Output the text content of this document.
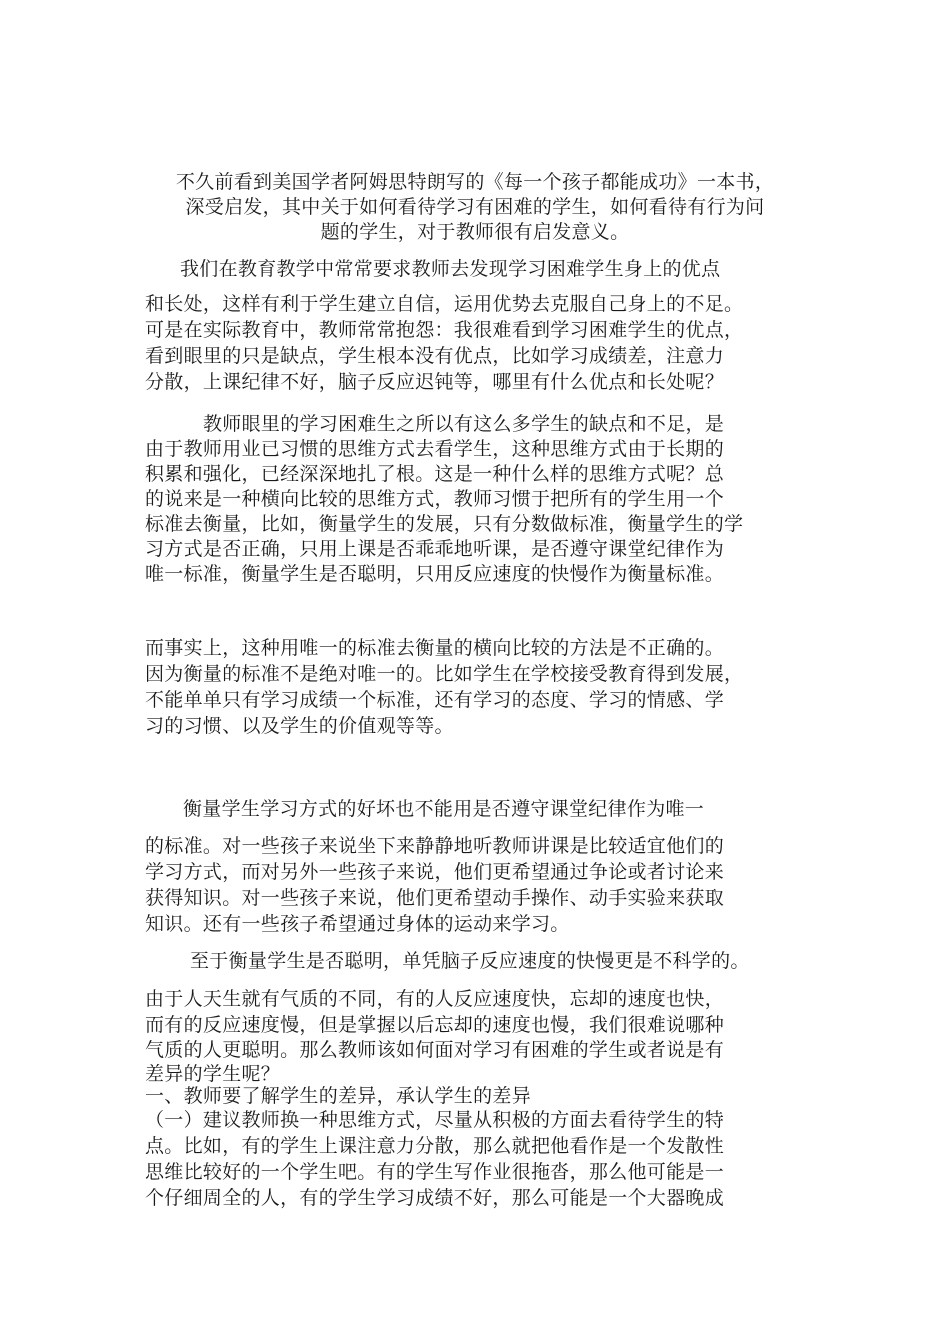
不久前看到美国学者阿姆思特朗写的《每一个孩子都能成功》一本书，
深受启发，其中关于如何看待学习有困难的学生，如何看待有行为问
题的学生，对于教师很有启发意义。
我们在教育教学中常常要求教师去发现学习困难学生身上的优点
和长处，这样有利于学生建立自信，运用优势去克服自己身上的不足。
可是在实际教育中，教师常常抱怨：我很难看到学习困难学生的优点，
看到眼里的只是缺点，学生根本没有优点，比如学习成绩差，注意力
分散，上课纪律不好，脑子反应迟钝等，哪里有什么优点和长处呢？
教师眼里的学习困难生之所以有这么多学生的缺点和不足，是
由于教师用业已习惯的思维方式去看学生，这种思维方式由于长期的
积累和强化，已经深深地扎了根。这是一种什么样的思维方式呢？总
的说来是一种横向比较的思维方式，教师习惯于把所有的学生用一个
标准去衡量，比如，衡量学生的发展，只有分数做标准，衡量学生的学
习方式是否正确，只用上课是否乖乖地听课，是否遵守课堂纪律作为
唯一标准，衡量学生是否聪明，只用反应速度的快慢作为衡量标准。
而事实上，这种用唯一的标准去衡量的横向比较的方法是不正确的。
因为衡量的标准不是绝对唯一的。比如学生在学校接受教育得到发展，
不能单单只有学习成绩一个标准，还有学习的态度、学习的情感、学
习的习惯、以及学生的价值观等等。
衡量学生学习方式的好坏也不能用是否遵守课堂纪律作为唯一
的标准。对一些孩子来说坐下来静静地听教师讲课是比较适宜他们的
学习方式，而对另外一些孩子来说，他们更希望通过争论或者讨论来
获得知识。对一些孩子来说，他们更希望动手操作、动手实验来获取
知识。还有一些孩子希望通过身体的运动来学习。
至于衡量学生是否聪明，单凭脑子反应速度的快慢更是不科学的。
由于人天生就有气质的不同，有的人反应速度快，忘却的速度也快，
而有的反应速度慢，但是掌握以后忘却的速度也慢，我们很难说哪种
气质的人更聪明。那么教师该如何面对学习有困难的学生或者说是有
差异的学生呢？
一、教师要了解学生的差异，承认学生的差异
（一）建议教师换一种思维方式，尽量从积极的方面去看待学生的特
点。比如，有的学生上课注意力分散，那么就把他看作是一个发散性
思维比较好的一个学生吧。有的学生写作业很拖沓，那么他可能是一
个仔细周全的人，有的学生学习成绩不好，那么可能是一个大器晚成
